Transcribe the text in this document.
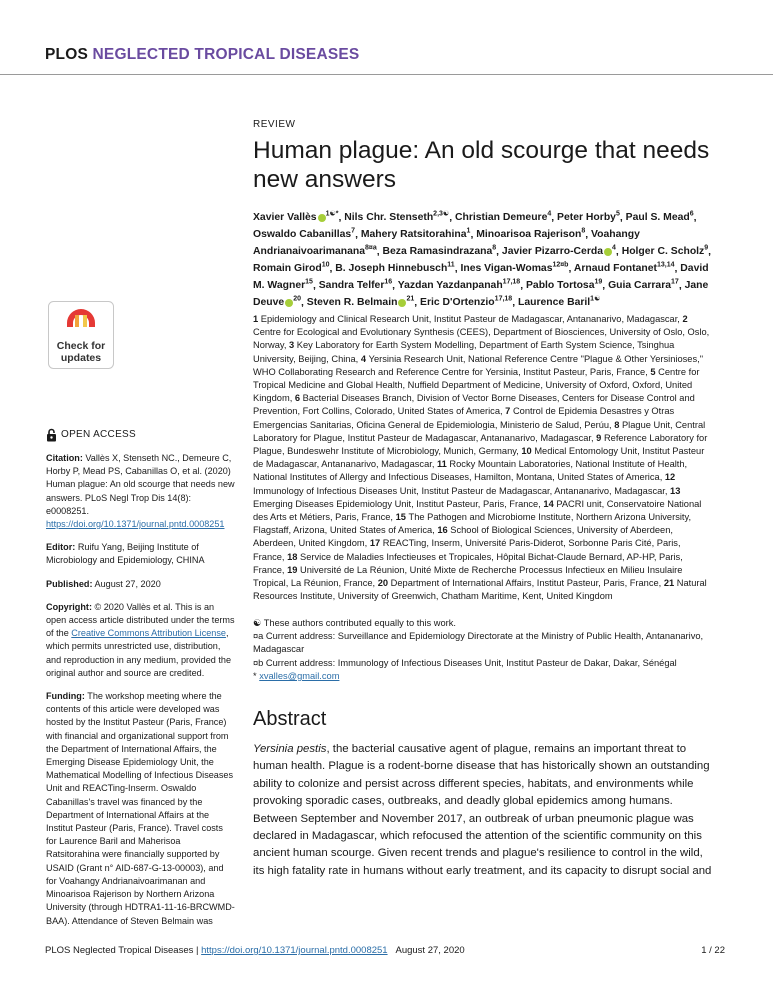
PLOS NEGLECTED TROPICAL DISEASES
Check for
updates
OPEN ACCESS
Citation: Vallès X, Stenseth NC., Demeure C, Horby P, Mead PS, Cabanillas O, et al. (2020) Human plague: An old scourge that needs new answers. PLoS Negl Trop Dis 14(8): e0008251. https://doi.org/10.1371/journal.pntd.0008251
Editor: Ruifu Yang, Beijing Institute of Microbiology and Epidemiology, CHINA
Published: August 27, 2020
Copyright: © 2020 Vallès et al. This is an open access article distributed under the terms of the Creative Commons Attribution License, which permits unrestricted use, distribution, and reproduction in any medium, provided the original author and source are credited.
Funding: The workshop meeting where the contents of this article were developed was hosted by the Institut Pasteur (Paris, France) with financial and organizational support from the Department of International Affairs, the Emerging Disease Epidemiology Unit, the Mathematical Modelling of Infectious Diseases Unit and REACTing-Inserm. Oswaldo Cabanillas's travel was financed by the Department of International Affairs at the Institut Pasteur (Paris, France). Travel costs for Laurence Baril and Maherisoa Ratsitorahina were financially supported by USAID (Grant n° AID-687-G-13-00003), and for Voahangy Andrianaivoarimanan and Minoarisoa Rajerison by Northern Arizona University (through HDTRA1-11-16-BRCWMD-BAA). Attendance of Steven Belmain was
REVIEW
Human plague: An old scourge that needs new answers
Xavier Vallès $^{1☯*}$, Nils Chr. Stenseth$^{2,3☯}$, Christian Demeure$^4$, Peter Horby$^5$, Paul S. Mead$^6$, Oswaldo Cabanillas$^7$, Mahery Ratsitorahina$^1$, Minoarisoa Rajerison$^8$, Voahangy Andrianaivoarimanana$^{8¤a}$, Beza Ramasindrazana$^8$, Javier Pizarro-Cerda $^4$, Holger C. Scholz$^9$, Romain Girod$^{10}$, B. Joseph Hinnebusch$^{11}$, Ines Vigan-Womas$^{12¤b}$, Arnaud Fontanet$^{13,14}$, David M. Wagner$^{15}$, Sandra Telfer$^{16}$, Yazdan Yazdanpanah$^{17,18}$, Pablo Tortosa$^{19}$, Guia Carrara$^{17}$, Jane Deuve $^{20}$, Steven R. Belmain $^{21}$, Eric D'Ortenzio$^{17,18}$, Laurence Baril$^{1☯}$
1 Epidemiology and Clinical Research Unit, Institut Pasteur de Madagascar, Antananarivo, Madagascar, 2 Centre for Ecological and Evolutionary Synthesis (CEES), Department of Biosciences, University of Oslo, Oslo, Norway, 3 Key Laboratory for Earth System Modelling, Department of Earth System Science, Tsinghua University, Beijing, China, 4 Yersinia Research Unit, National Reference Centre "Plague & Other Yersinioses," WHO Collaborating Research and Reference Centre for Yersinia, Institut Pasteur, Paris, France, 5 Centre for Tropical Medicine and Global Health, Nuffield Department of Medicine, University of Oxford, Oxford, United Kingdom, 6 Bacterial Diseases Branch, Division of Vector Borne Diseases, Centers for Disease Control and Prevention, Fort Collins, Colorado, United States of America, 7 Control de Epidemia Desastres y Otras Emergencias Sanitarias, Oficina General de Epidemiologia, Ministerio de Salud, Perúu, 8 Plague Unit, Central Laboratory for Plague, Institut Pasteur de Madagascar, Antananarivo, Madagascar, 9 Reference Laboratory for Plague, Bundeswehr Institute of Microbiology, Munich, Germany, 10 Medical Entomology Unit, Institut Pasteur de Madagascar, Antananarivo, Madagascar, 11 Rocky Mountain Laboratories, National Institute of Health, National Institutes of Allergy and Infectious Diseases, Hamilton, Montana, United States of America, 12 Immunology of Infectious Diseases Unit, Institut Pasteur de Madagascar, Antananarivo, Madagascar, 13 Emerging Diseases Epidemiology Unit, Institut Pasteur, Paris, France, 14 PACRI unit, Conservatoire National des Arts et Métiers, Paris, France, 15 The Pathogen and Microbiome Institute, Northern Arizona University, Flagstaff, Arizona, United States of America, 16 School of Biological Sciences, University of Aberdeen, Aberdeen, United Kingdom, 17 REACTing, Inserm, Université Paris-Diderot, Sorbonne Paris Cité, Paris, France, 18 Service de Maladies Infectieuses et Tropicales, Hôpital Bichat-Claude Bernard, AP-HP, Paris, France, 19 Université de La Réunion, Unité Mixte de Recherche Processus Infectieux en Milieu Insulaire Tropical, La Réunion, France, 20 Department of International Affairs, Institut Pasteur, Paris, France, 21 Natural Resources Institute, University of Greenwich, Chatham Maritime, Kent, United Kingdom
☯ These authors contributed equally to this work.
¤a Current address: Surveillance and Epidemiology Directorate at the Ministry of Public Health, Antananarivo, Madagascar
¤b Current address: Immunology of Infectious Diseases Unit, Institut Pasteur de Dakar, Dakar, Sénégal
* xvalles@gmail.com
Abstract
Yersinia pestis, the bacterial causative agent of plague, remains an important threat to human health. Plague is a rodent-borne disease that has historically shown an outstanding ability to colonize and persist across different species, habitats, and environments while provoking sporadic cases, outbreaks, and deadly global epidemics among humans. Between September and November 2017, an outbreak of urban pneumonic plague was declared in Madagascar, which refocused the attention of the scientific community on this ancient human scourge. Given recent trends and plague's resilience to control in the wild, its high fatality rate in humans without early treatment, and its capacity to disrupt social and
PLOS Neglected Tropical Diseases | https://doi.org/10.1371/journal.pntd.0008251 August 27, 2020	1 / 22
